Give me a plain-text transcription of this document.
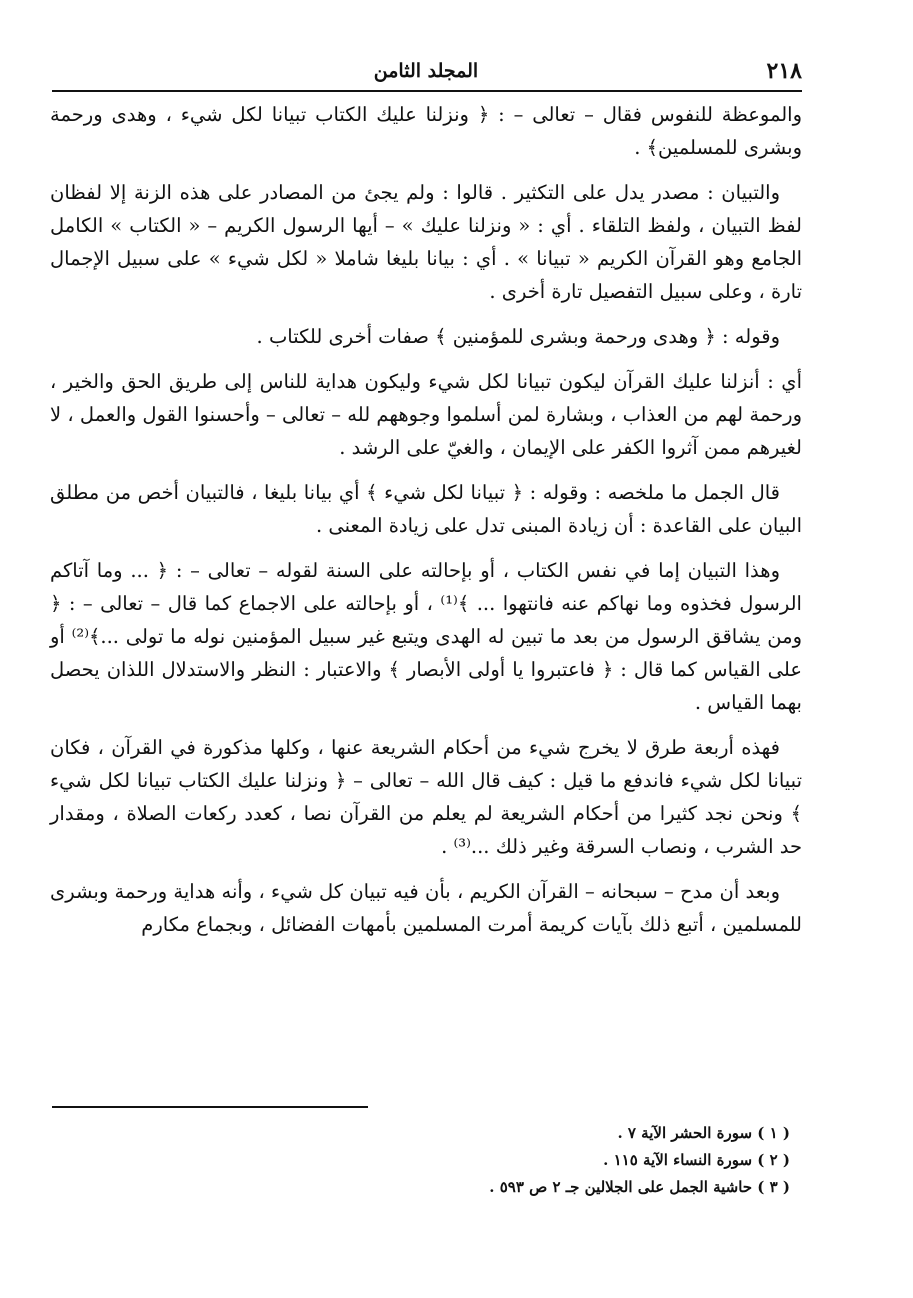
٢١٨
المجلد الثامن

والموعظة للنفوس فقال – تعالى – : ﴿ ونزلنا عليك الكتاب تبيانا لكل شيء ، وهدى ورحمة وبشرى للمسلمين﴾ .

والتبيان : مصدر يدل على التكثير . قالوا : ولم يجئ من المصادر على هذه الزنة إلا لفظان لفظ التبيان ، ولفظ التلقاء . أي : « ونزلنا عليك » – أيها الرسول الكريم – « الكتاب » الكامل الجامع وهو القرآن الكريم « تبيانا » . أي : بيانا بليغا شاملا « لكل شيء » على سبيل الإجمال تارة ، وعلى سبيل التفصيل تارة أخرى .

وقوله : ﴿ وهدى ورحمة وبشرى للمؤمنين ﴾ صفات أخرى للكتاب .

أي : أنزلنا عليك القرآن ليكون تبيانا لكل شيء وليكون هداية للناس إلى طريق الحق والخير ، ورحمة لهم من العذاب ، وبشارة لمن أسلموا وجوههم لله – تعالى – وأحسنوا القول والعمل ، لا لغيرهم ممن آثروا الكفر على الإيمان ، والغيّ على الرشد .

قال الجمل ما ملخصه : وقوله : ﴿ تبيانا لكل شيء ﴾ أي بيانا بليغا ، فالتبيان أخص من مطلق البيان على القاعدة : أن زيادة المبنى تدل على زيادة المعنى .

وهذا التبيان إما في نفس الكتاب ، أو بإحالته على السنة لقوله – تعالى – : ﴿ ... وما آتاكم الرسول فخذوه وما نهاكم عنه فانتهوا ... ﴾⁽¹⁾ ، أو بإحالته على الاجماع كما قال – تعالى – : ﴿ ومن يشاقق الرسول من بعد ما تبين له الهدى ويتبع غير سبيل المؤمنين نوله ما تولى ...﴾⁽²⁾ أو على القياس كما قال : ﴿ فاعتبروا يا أولى الأبصار ﴾ والاعتبار : النظر والاستدلال اللذان يحصل بهما القياس .

فهذه أربعة طرق لا يخرج شيء من أحكام الشريعة عنها ، وكلها مذكورة في القرآن ، فكان تبيانا لكل شيء فاندفع ما قيل : كيف قال الله – تعالى – ﴿ ونزلنا عليك الكتاب تبيانا لكل شيء ﴾ ونحن نجد كثيرا من أحكام الشريعة لم يعلم من القرآن نصا ، كعدد ركعات الصلاة ، ومقدار حد الشرب ، ونصاب السرقة وغير ذلك ...⁽³⁾ .

وبعد أن مدح – سبحانه – القرآن الكريم ، بأن فيه تبيان كل شيء ، وأنه هداية ورحمة وبشرى للمسلمين ، أتبع ذلك بآيات كريمة أمرت المسلمين بأمهات الفضائل ، وبجماع مكارم

( ١ ) سورة الحشر الآية ٧ .

( ٢ ) سورة النساء الآية ١١٥ .

( ٣ ) حاشية الجمل على الجلالين جـ ٢ ص ٥٩٣ .
